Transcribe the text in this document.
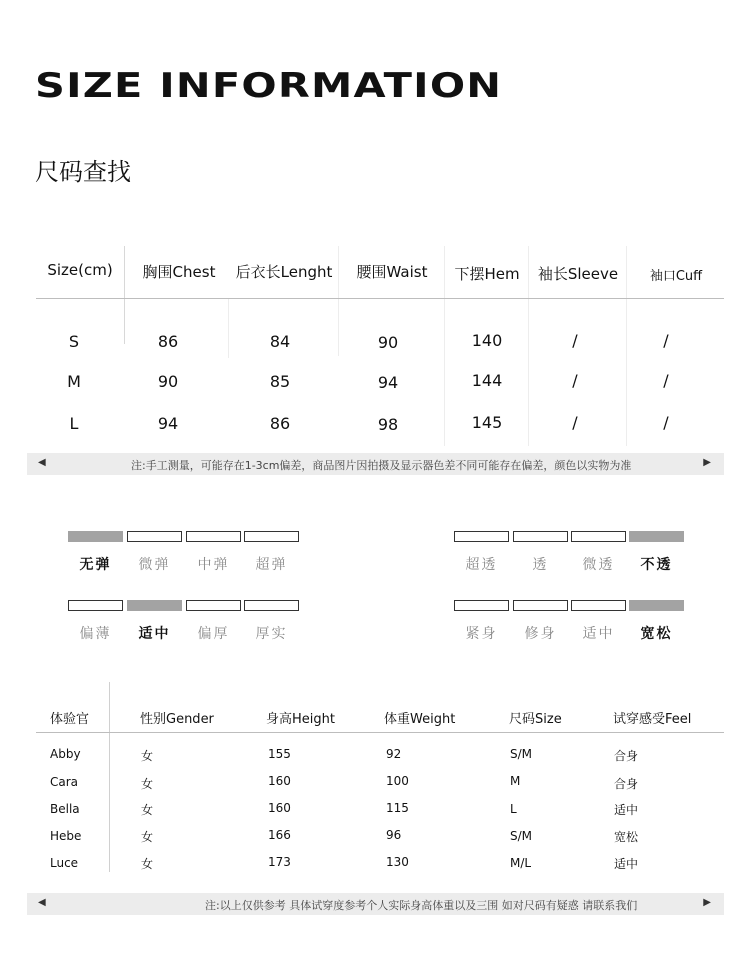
SIZE INFORMATION
尺码查找
Size(cm)	胸围Chest	后衣长Lenght	腰围Waist	下摆Hem	袖长Sleeve	袖口Cuff
S	86	84	90	140	/	/
M	90	85	94	144	/	/
L	94	86	98	145	/	/
◀	注:手工测量，可能存在1-3cm偏差，商品图片因拍摄及显示器色差不同可能存在偏差，颜色以实物为准	▶
无弹	微弹	中弹	超弹	超透	透	微透	不透
偏薄	适中	偏厚	厚实	紧身	修身	适中	宽松
体验官	性别Gender	身高Height	体重Weight	尺码Size	试穿感受Feel
Abby	女	155	92	S/M	合身
Cara	女	160	100	M	合身
Bella	女	160	115	L	适中
Hebe	女	166	96	S/M	宽松
Luce	女	173	130	M/L	适中
◀	注:以上仅供参考 具体试穿度参考个人实际身高体重以及三围 如对尺码有疑惑 请联系我们	▶
